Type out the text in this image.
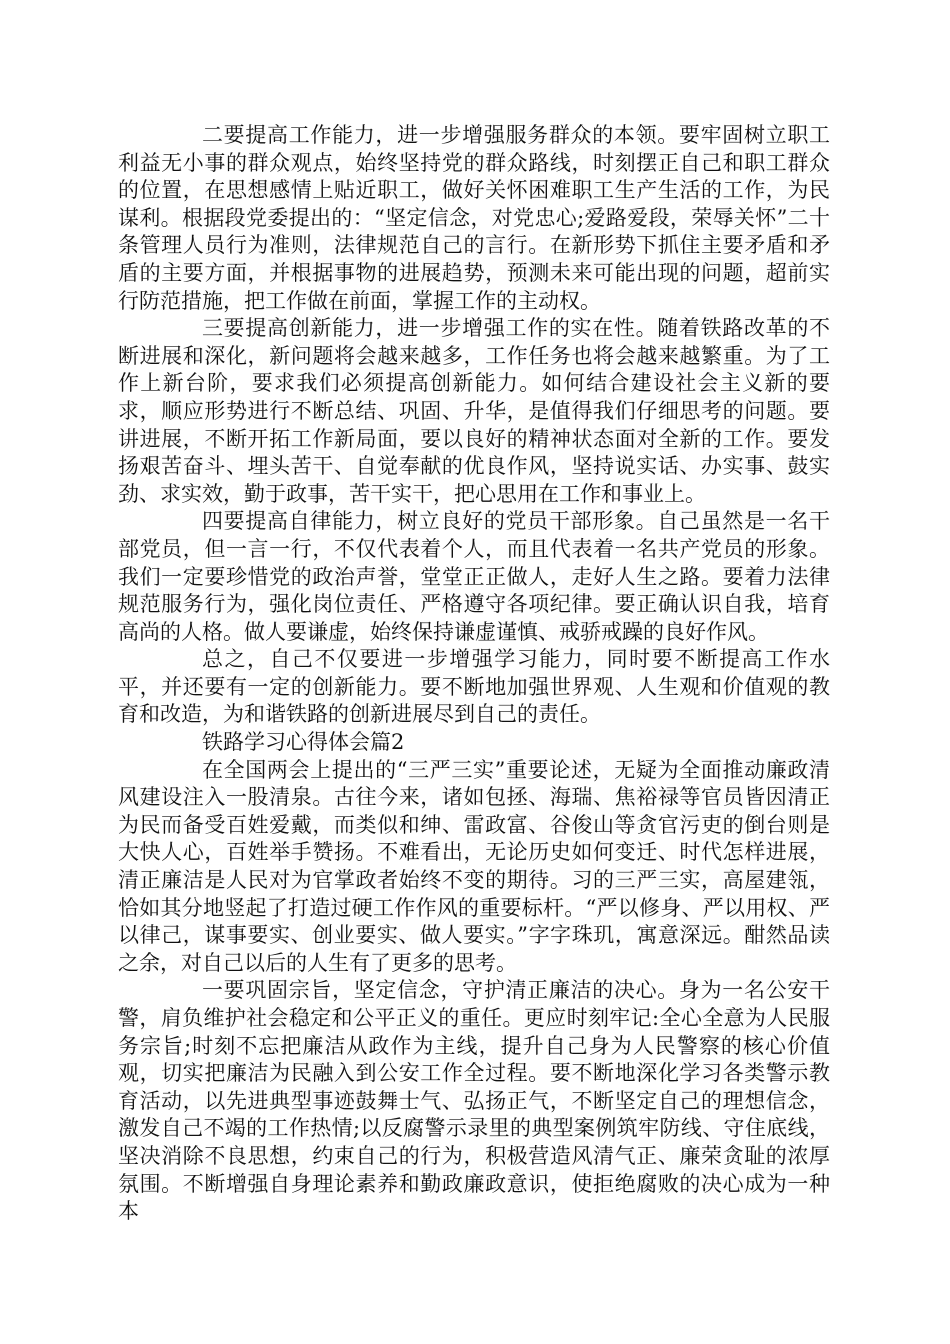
二要提高工作能力，进一步增强服务群众的本领。要牢固树立职工利益无小事的群众观点，始终坚持党的群众路线，时刻摆正自己和职工群众的位置，在思想感情上贴近职工，做好关怀困难职工生产生活的工作，为民谋利。根据段党委提出的：“坚定信念，对党忠心;爱路爱段，荣辱关怀”二十条管理人员行为准则，法律规范自己的言行。在新形势下抓住主要矛盾和矛盾的主要方面，并根据事物的进展趋势，预测未来可能出现的问题，超前实行防范措施，把工作做在前面，掌握工作的主动权。

三要提高创新能力，进一步增强工作的实在性。随着铁路改革的不断进展和深化，新问题将会越来越多，工作任务也将会越来越繁重。为了工作上新台阶，要求我们必须提高创新能力。如何结合建设社会主义新的要求，顺应形势进行不断总结、巩固、升华，是值得我们仔细思考的问题。要讲进展，不断开拓工作新局面，要以良好的精神状态面对全新的工作。要发扬艰苦奋斗、埋头苦干、自觉奉献的优良作风，坚持说实话、办实事、鼓实劲、求实效，勤于政事，苦干实干，把心思用在工作和事业上。

四要提高自律能力，树立良好的党员干部形象。自己虽然是一名干部党员，但一言一行，不仅代表着个人，而且代表着一名共产党员的形象。我们一定要珍惜党的政治声誉，堂堂正正做人，走好人生之路。要着力法律规范服务行为，强化岗位责任、严格遵守各项纪律。要正确认识自我，培育高尚的人格。做人要谦虚，始终保持谦虚谨慎、戒骄戒躁的良好作风。

总之，自己不仅要进一步增强学习能力，同时要不断提高工作水平，并还要有一定的创新能力。要不断地加强世界观、人生观和价值观的教育和改造，为和谐铁路的创新进展尽到自己的责任。

铁路学习心得体会篇2

在全国两会上提出的“三严三实”重要论述，无疑为全面推动廉政清风建设注入一股清泉。古往今来，诸如包拯、海瑞、焦裕禄等官员皆因清正为民而备受百姓爱戴，而类似和绅、雷政富、谷俊山等贪官污吏的倒台则是大快人心，百姓举手赞扬。不难看出，无论历史如何变迁、时代怎样进展，清正廉洁是人民对为官掌政者始终不变的期待。习的三严三实，高屋建瓴，恰如其分地竖起了打造过硬工作作风的重要标杆。“严以修身、严以用权、严以律己，谋事要实、创业要实、做人要实。”字字珠玑，寓意深远。酣然品读之余，对自己以后的人生有了更多的思考。

一要巩固宗旨，坚定信念，守护清正廉洁的决心。身为一名公安干警，肩负维护社会稳定和公平正义的重任。更应时刻牢记:全心全意为人民服务宗旨;时刻不忘把廉洁从政作为主线，提升自己身为人民警察的核心价值观，切实把廉洁为民融入到公安工作全过程。要不断地深化学习各类警示教育活动，以先进典型事迹鼓舞士气、弘扬正气，不断坚定自己的理想信念，激发自己不竭的工作热情;以反腐警示录里的典型案例筑牢防线、守住底线，坚决消除不良思想，约束自己的行为，积极营造风清气正、廉荣贪耻的浓厚氛围。不断增强自身理论素养和勤政廉政意识，使拒绝腐败的决心成为一种本
